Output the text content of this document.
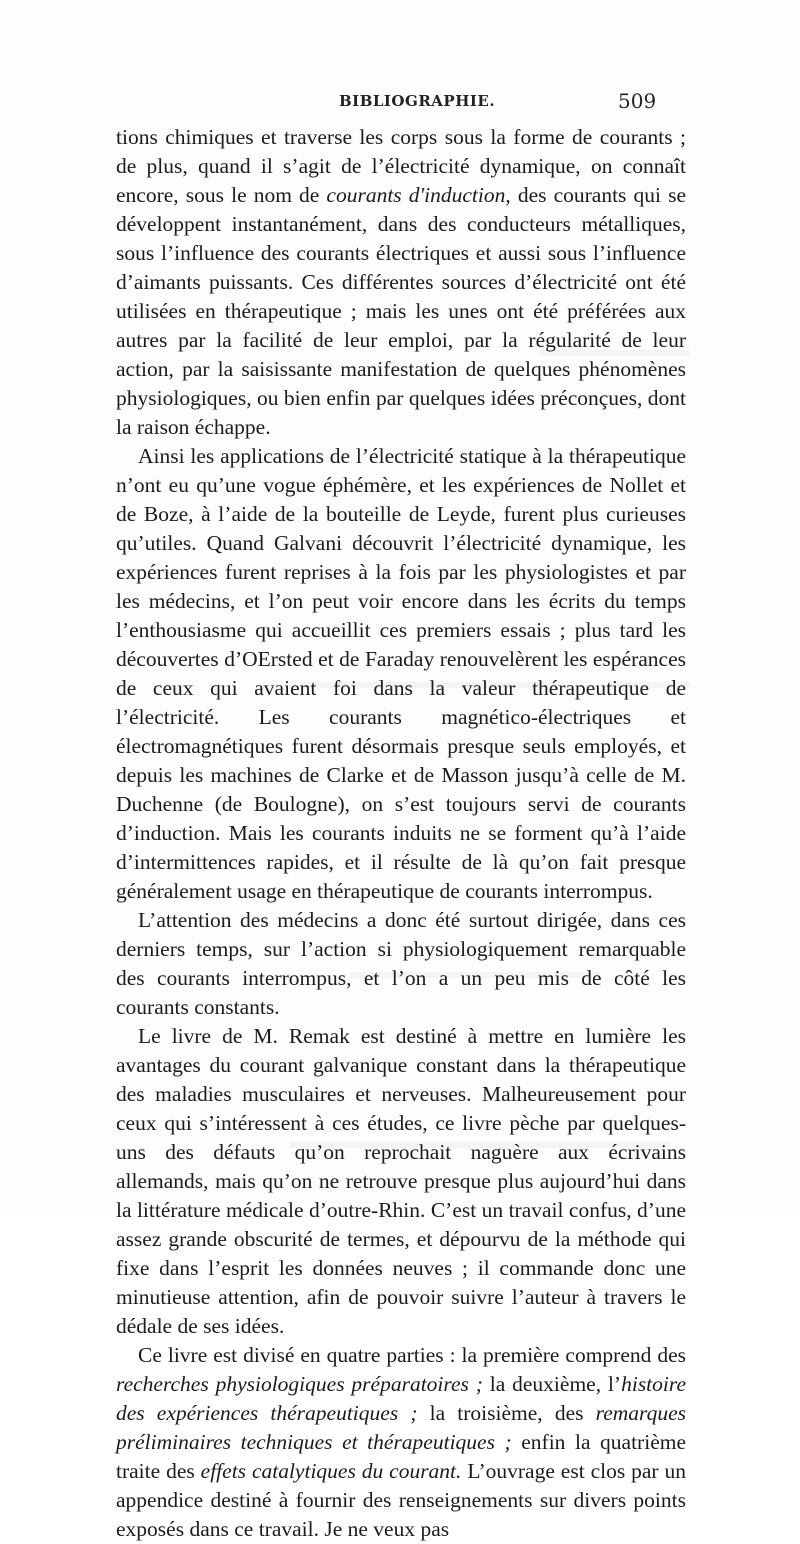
BIBLIOGRAPHIE.	509

tions chimiques et traverse les corps sous la forme de courants ; de plus, quand il s’agit de l’électricité dynamique, on connaît encore, sous le nom de courants d'induction, des courants qui se développent instantanément, dans des conducteurs métalliques, sous l’influence des courants électriques et aussi sous l’influence d’aimants puissants. Ces différentes sources d’électricité ont été utilisées en thérapeutique ; mais les unes ont été préférées aux autres par la facilité de leur emploi, par la régularité de leur action, par la saisissante manifestation de quelques phénomènes physiologiques, ou bien enfin par quelques idées préconçues, dont la raison échappe.

Ainsi les applications de l’électricité statique à la thérapeutique n’ont eu qu’une vogue éphémère, et les expériences de Nollet et de Boze, à l’aide de la bouteille de Leyde, furent plus curieuses qu’utiles. Quand Galvani découvrit l’électricité dynamique, les expériences furent reprises à la fois par les physiologistes et par les médecins, et l’on peut voir encore dans les écrits du temps l’enthousiasme qui accueillit ces premiers essais ; plus tard les découvertes d’OErsted et de Faraday renouvelèrent les espérances de ceux qui avaient foi dans la valeur thérapeutique de l’électricité. Les courants magnético-électriques et électromagnétiques furent désormais presque seuls employés, et depuis les machines de Clarke et de Masson jusqu’à celle de M. Duchenne (de Boulogne), on s’est toujours servi de courants d’induction. Mais les courants induits ne se forment qu’à l’aide d’intermittences rapides, et il résulte de là qu’on fait presque généralement usage en thérapeutique de courants interrompus.

L’attention des médecins a donc été surtout dirigée, dans ces derniers temps, sur l’action si physiologiquement remarquable des courants interrompus, et l’on a un peu mis de côté les courants constants.

Le livre de M. Remak est destiné à mettre en lumière les avantages du courant galvanique constant dans la thérapeutique des maladies musculaires et nerveuses. Malheureusement pour ceux qui s’intéressent à ces études, ce livre pèche par quelques-uns des défauts qu’on reprochait naguère aux écrivains allemands, mais qu’on ne retrouve presque plus aujourd’hui dans la littérature médicale d’outre-Rhin. C’est un travail confus, d’une assez grande obscurité de termes, et dépourvu de la méthode qui fixe dans l’esprit les données neuves ; il commande donc une minutieuse attention, afin de pouvoir suivre l’auteur à travers le dédale de ses idées.

Ce livre est divisé en quatre parties : la première comprend des recherches physiologiques préparatoires ; la deuxième, l’histoire des expériences thérapeutiques ; la troisième, des remarques préliminaires techniques et thérapeutiques ; enfin la quatrième traite des effets catalytiques du courant. L’ouvrage est clos par un appendice destiné à fournir des renseignements sur divers points exposés dans ce travail. Je ne veux pas
